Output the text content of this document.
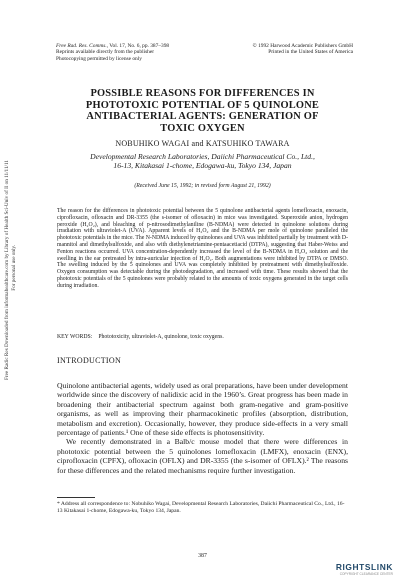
Free Radic Res Downloaded from informahealthcare.com by Library of Health Sci-Univ of Il on 11/11/11 For personal use only.
Free Rad. Res. Comms., Vol. 17, No. 6, pp. 387–398
Reprints available directly from the publisher
Photocopying permitted by license only
© 1992 Harwood Academic Publishers GmbH
Printed in the United States of America
POSSIBLE REASONS FOR DIFFERENCES IN
PHOTOTOXIC POTENTIAL OF 5 QUINOLONE
ANTIBACTERIAL AGENTS: GENERATION OF
TOXIC OXYGEN
NOBUHIKO WAGAI and KATSUHIKO TAWARA
Developmental Research Laboratories, Daiichi Pharmaceutical Co., Ltd.,
16-13, Kitakasai 1-chome, Edogawa-ku, Tokyo 134, Japan
(Received June 15, 1992; in revised form August 21, 1992)
The reason for the differences in phototoxic potential between the 5 quinolone antibacterial agents lomefloxacin, enoxacin, ciprofloxacin, ofloxacin and DR-3355 (the s-isomer of ofloxacin) in mice was investigated. Superoxide anion, hydrogen peroxide (H₂O₂), and bleaching of p-nitrosodimethylaniline (B-NDMA) were detected in quinolone solutions during irradiation with ultraviolet-A (UVA). Apparent levels of H₂O₂ and the B-NDMA per mole of quinolone paralleled the phototoxic potentials in the mice. The N-NDMA induced by quinolones and UVA was inhibited partially by treatment with D-mannitol and dimethylsulfoxide, and also with diethylenetriamine-pentaacetiacid (DTPA), suggesting that Haber-Weiss and Fenton reactions occurred. UVA concentration-dependently increased the level of the B-NDMA in H₂O₂ solution and the swelling in the ear pretreated by intra-auricular injection of H₂O₂. Both augmentations were inhibited by DTPA or DMSO. The swelling induced by the 5 quinolones and UVA was completely inhibited by pretreatment with dimethylsulfoxide. Oxygen consumption was detectable during the photodegradation, and increased with time. These results showed that the phototoxic potentials of the 5 quinolones were probably related to the amounts of toxic oxygens generated in the target cells during irradiation.
KEY WORDS: Phototoxicity, ultraviolet-A, quinolone, toxic oxygens.
INTRODUCTION

Quinolone antibacterial agents, widely used as oral preparations, have been under development worldwide since the discovery of nalidixic acid in the 1960’s. Great progress has been made in broadening their antibacterial spectrum against both gram-negative and gram-positive organisms, as well as improving their pharmacokinetic profiles (absorption, distribution, metabolism and excretion). Occasionally, however, they produce side-effects in a very small percentage of patients.¹ One of these side effects is photosensitivity.

We recently demonstrated in a Balb/c mouse model that there were differences in phototoxic potential between the 5 quinolones lomefloxacin (LMFX), enoxacin (ENX), ciprofloxacin (CPFX), ofloxacin (OFLX) and DR-3355 (the s-isomer of OFLX).² The reasons for these differences and the related mechanisms require further investigation.

* Address all correspondence to: Nobuhiko Wagai, Developmental Research Laboratories, Daiichi Pharmaceutical Co., Ltd., 16-13 Kitakasai 1-chome, Edogawa-ku, Tokyo 134, Japan.
387
RIGHTSLINK
COPYRIGHT CLEARANCE CENTER
